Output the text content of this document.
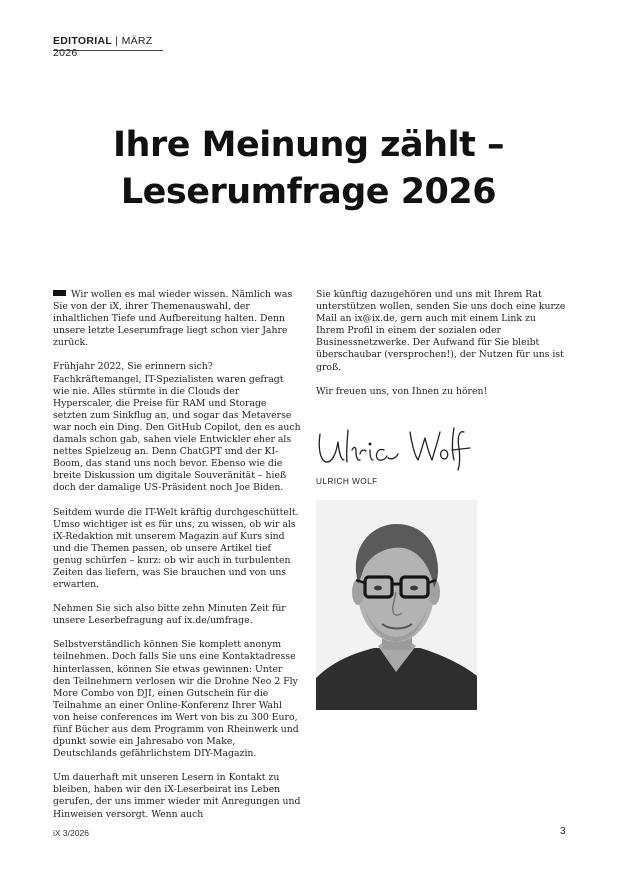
EDITORIAL | MÄRZ 2026
Ihre Meinung zählt –
Leserumfrage 2026

Wir wollen es mal wieder wissen. Nämlich was Sie von der iX, ihrer Themenauswahl, der inhaltlichen Tiefe und Aufbereitung halten. Denn unsere letzte Leserumfrage liegt schon vier Jahre zurück.

Frühjahr 2022, Sie erinnern sich? Fachkräftemangel, IT-Spezialisten waren gefragt wie nie. Alles stürmte in die Clouds der Hyperscaler, die Preise für RAM und Storage setzten zum Sinkflug an, und sogar das Metaverse war noch ein Ding. Den GitHub Copilot, den es auch damals schon gab, sahen viele Entwickler eher als nettes Spielzeug an. Denn ChatGPT und der KI-Boom, das stand uns noch bevor. Ebenso wie die breite Diskussion um digitale Souveränität – hieß doch der damalige US-Präsident noch Joe Biden.

Seitdem wurde die IT-Welt kräftig durchgeschüttelt. Umso wichtiger ist es für uns, zu wissen, ob wir als iX-Redaktion mit unserem Magazin auf Kurs sind und die Themen passen, ob unsere Artikel tief genug schürfen – kurz: ob wir auch in turbulenten Zeiten das liefern, was Sie brauchen und von uns erwarten.

Nehmen Sie sich also bitte zehn Minuten Zeit für unsere Leserbefragung auf ix.de/umfrage.

Selbstverständlich können Sie komplett anonym teilnehmen. Doch falls Sie uns eine Kontaktadresse hinterlassen, können Sie etwas gewinnen: Unter den Teilnehmern verlosen wir die Drohne Neo 2 Fly More Combo von DJI, einen Gutschein für die Teilnahme an einer Online-Konferenz Ihrer Wahl von heise conferences im Wert von bis zu 300 Euro, fünf Bücher aus dem Programm von Rheinwerk und dpunkt sowie ein Jahresabo von Make, Deutschlands gefährlichstem DIY-Magazin.

Um dauerhaft mit unseren Lesern in Kontakt zu bleiben, haben wir den iX-Leserbeirat ins Leben gerufen, der uns immer wieder mit Anregungen und Hinweisen versorgt. Wenn auch

Sie künftig dazugehören und uns mit Ihrem Rat unterstützen wollen, senden Sie uns doch eine kurze Mail an ix@ix.de, gern auch mit einem Link zu Ihrem Profil in einem der sozialen oder Businessnetzwerke. Der Aufwand für Sie bleibt überschaubar (versprochen!), der Nutzen für uns ist groß.

Wir freuen uns, von Ihnen zu hören!

ULRICH WOLF
iX 3/2026	3
